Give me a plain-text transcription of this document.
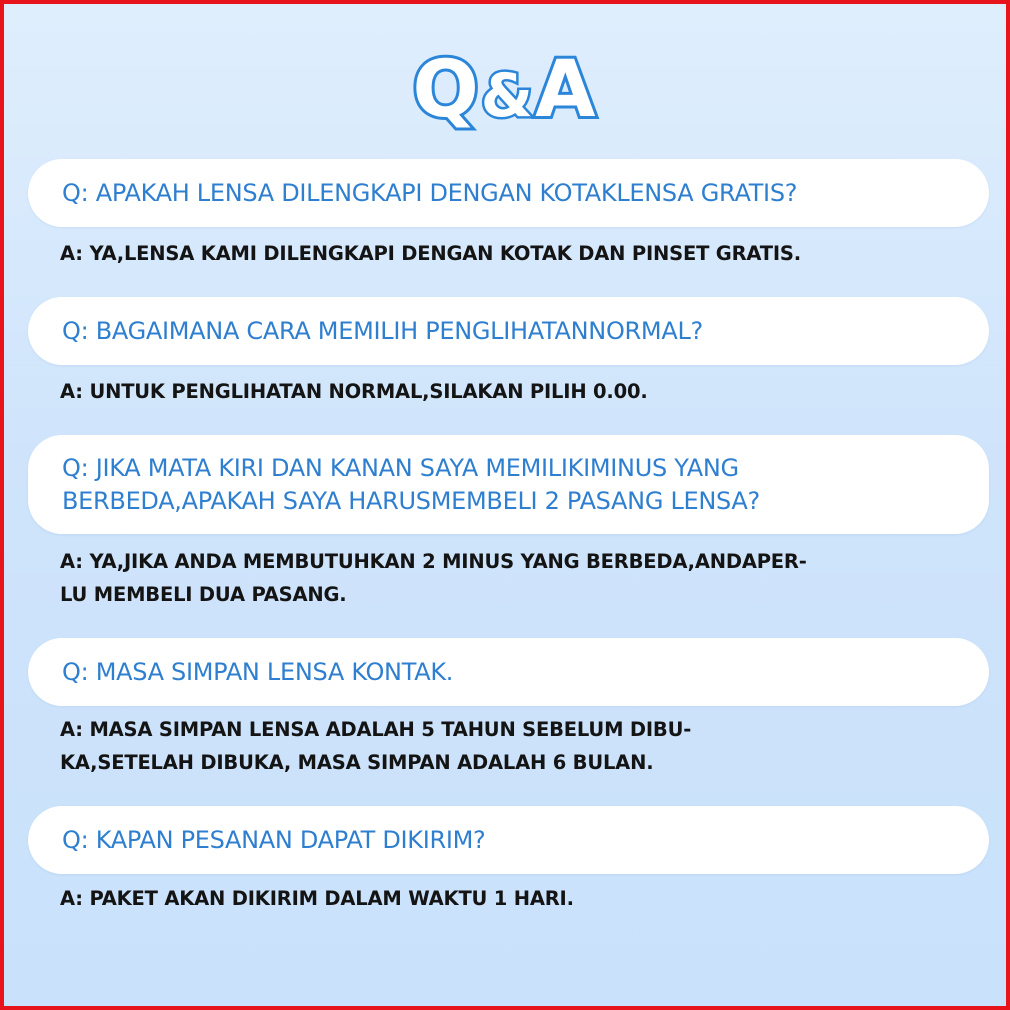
Q&A
Q: APAKAH LENSA DILENGKAPI DENGAN KOTAKLENSA GRATIS?
A: YA,LENSA KAMI DILENGKAPI DENGAN KOTAK DAN PINSET GRATIS.
Q: BAGAIMANA CARA MEMILIH PENGLIHATANNORMAL?
A: UNTUK PENGLIHATAN NORMAL,SILAKAN PILIH 0.00.
Q: JIKA MATA KIRI DAN KANAN SAYA MEMILIKIMINUS YANG
BERBEDA,APAKAH SAYA HARUSMEMBELI 2 PASANG LENSA?
A: YA,JIKA ANDA MEMBUTUHKAN 2 MINUS YANG BERBEDA,ANDAPER-
LU MEMBELI DUA PASANG.
Q: MASA SIMPAN LENSA KONTAK.
A: MASA SIMPAN LENSA ADALAH 5 TAHUN SEBELUM DIBU-
KA,SETELAH DIBUKA, MASA SIMPAN ADALAH 6 BULAN.
Q: KAPAN PESANAN DAPAT DIKIRIM?
A: PAKET AKAN DIKIRIM DALAM WAKTU 1 HARI.
